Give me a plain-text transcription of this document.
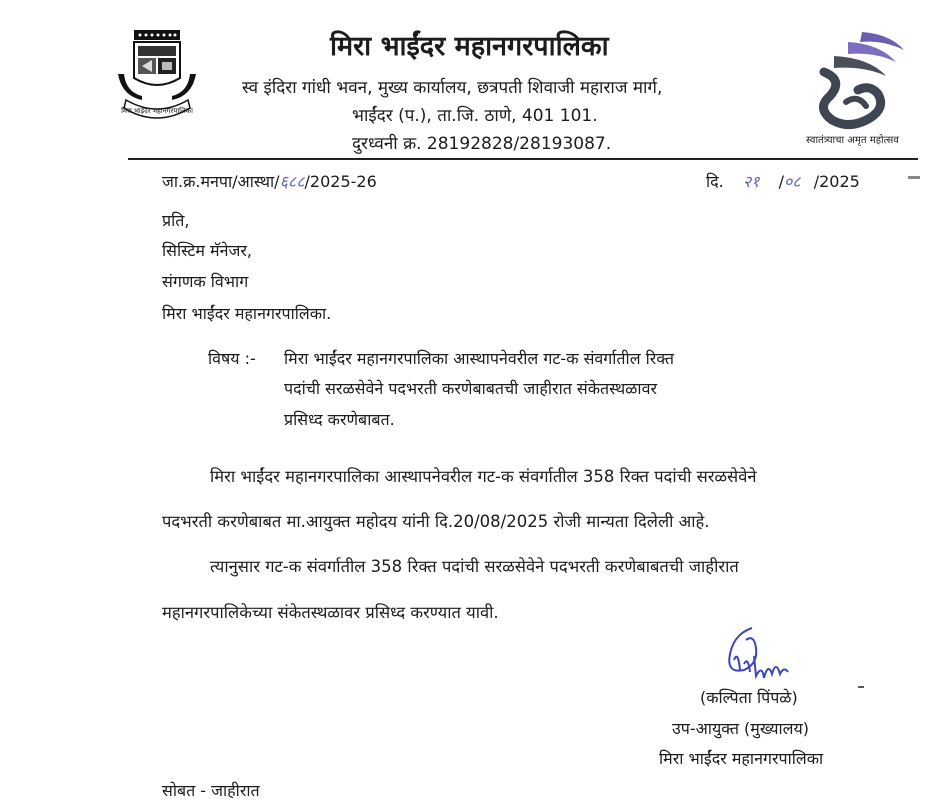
मिरा भाईंदर महानगरपालिका
मिरा भाईंदर महानगरपालिका
स्व इंदिरा गांधी भवन, मुख्य कार्यालय, छत्रपती शिवाजी महाराज मार्ग,
भाईंदर (प.), ता.जि. ठाणे, 401 101.
दुरध्वनी क्र. 28192828/28193087.	स्वातंत्र्याचा अमृत महोत्सव
जा.क्र.मनपा/आस्था/६८८/2025-26	दि. २१ /०८ /2025
प्रति,
सिस्टिम मॅनेजर,
संगणक विभाग
मिरा भाईंदर महानगरपालिका.
विषय :- मिरा भाईंदर महानगरपालिका आस्थापनेवरील गट-क संवर्गातील रिक्त
पदांची सरळसेवेने पदभरती करणेबाबतची जाहीरात संकेतस्थळावर
प्रसिध्द करणेबाबत.
मिरा भाईंदर महानगरपालिका आस्थापनेवरील गट-क संवर्गातील 358 रिक्त पदांची सरळसेवेने
पदभरती करणेबाबत मा.आयुक्त महोदय यांनी दि.20/08/2025 रोजी मान्यता दिलेली आहे.
त्यानुसार गट-क संवर्गातील 358 रिक्त पदांची सरळसेवेने पदभरती करणेबाबतची जाहीरात
महानगरपालिकेच्या संकेतस्थळावर प्रसिध्द करण्यात यावी.
(कल्पिता पिंपळे)
उप-आयुक्त (मुख्यालय)
मिरा भाईंदर महानगरपालिका
सोबत - जाहीरात
